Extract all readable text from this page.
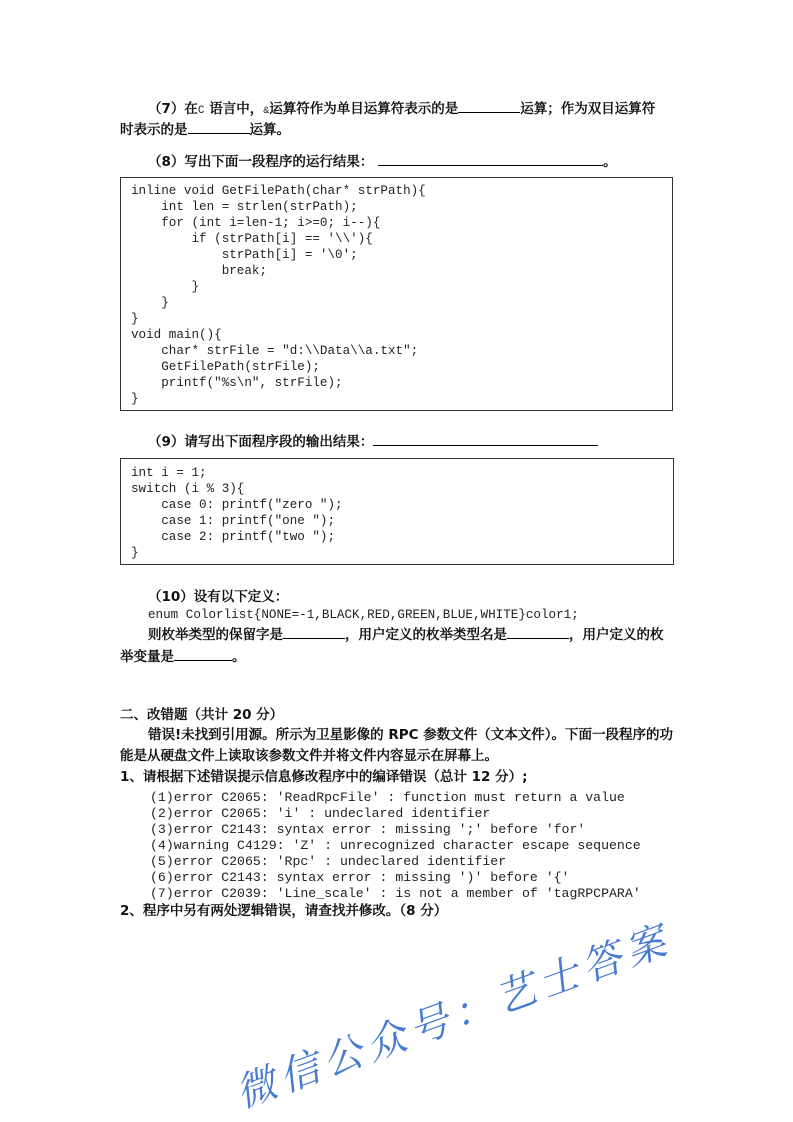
（7）在C 语言中，&运算符作为单目运算符表示的是	运算；作为双目运算符
时表示的是	运算。
（8）写出下面一段程序的运行结果：	。
inline void GetFilePath(char* strPath){
int len = strlen(strPath);
for (int i=len-1; i>=0; i--){
if (strPath[i] == '\\'){
strPath[i] = '\0';
break;
}
}
}
void main(){
char* strFile = "d:\\Data\\a.txt";
GetFilePath(strFile);
printf("%s\n", strFile);
}
（9）请写出下面程序段的输出结果：
int i = 1;
switch (i % 3){
case 0: printf("zero ");
case 1: printf("one ");
case 2: printf("two ");
}
（10）设有以下定义：
enum Colorlist{NONE=-1,BLACK,RED,GREEN,BLUE,WHITE}color1;
则枚举类型的保留字是	，用户定义的枚举类型名是	，用户定义的枚
举变量是	。
二、改错题（共计 20 分）
错误!未找到引用源。所示为卫星影像的 RPC 参数文件（文本文件）。下面一段程序的功
能是从硬盘文件上读取该参数文件并将文件内容显示在屏幕上。
1、请根据下述错误提示信息修改程序中的编译错误（总计 12 分）;
(1)error C2065: 'ReadRpcFile' : function must return a value
(2)error C2065: 'i' : undeclared identifier
(3)error C2143: syntax error : missing ';' before 'for'
(4)warning C4129: 'Z' : unrecognized character escape sequence
(5)error C2065: 'Rpc' : undeclared identifier
(6)error C2143: syntax error : missing ')' before '{'
(7)error C2039: 'Line_scale' : is not a member of 'tagRPCPARA'
2、程序中另有两处逻辑错误，请查找并修改。（8 分）
微信公众号：艺士答案
